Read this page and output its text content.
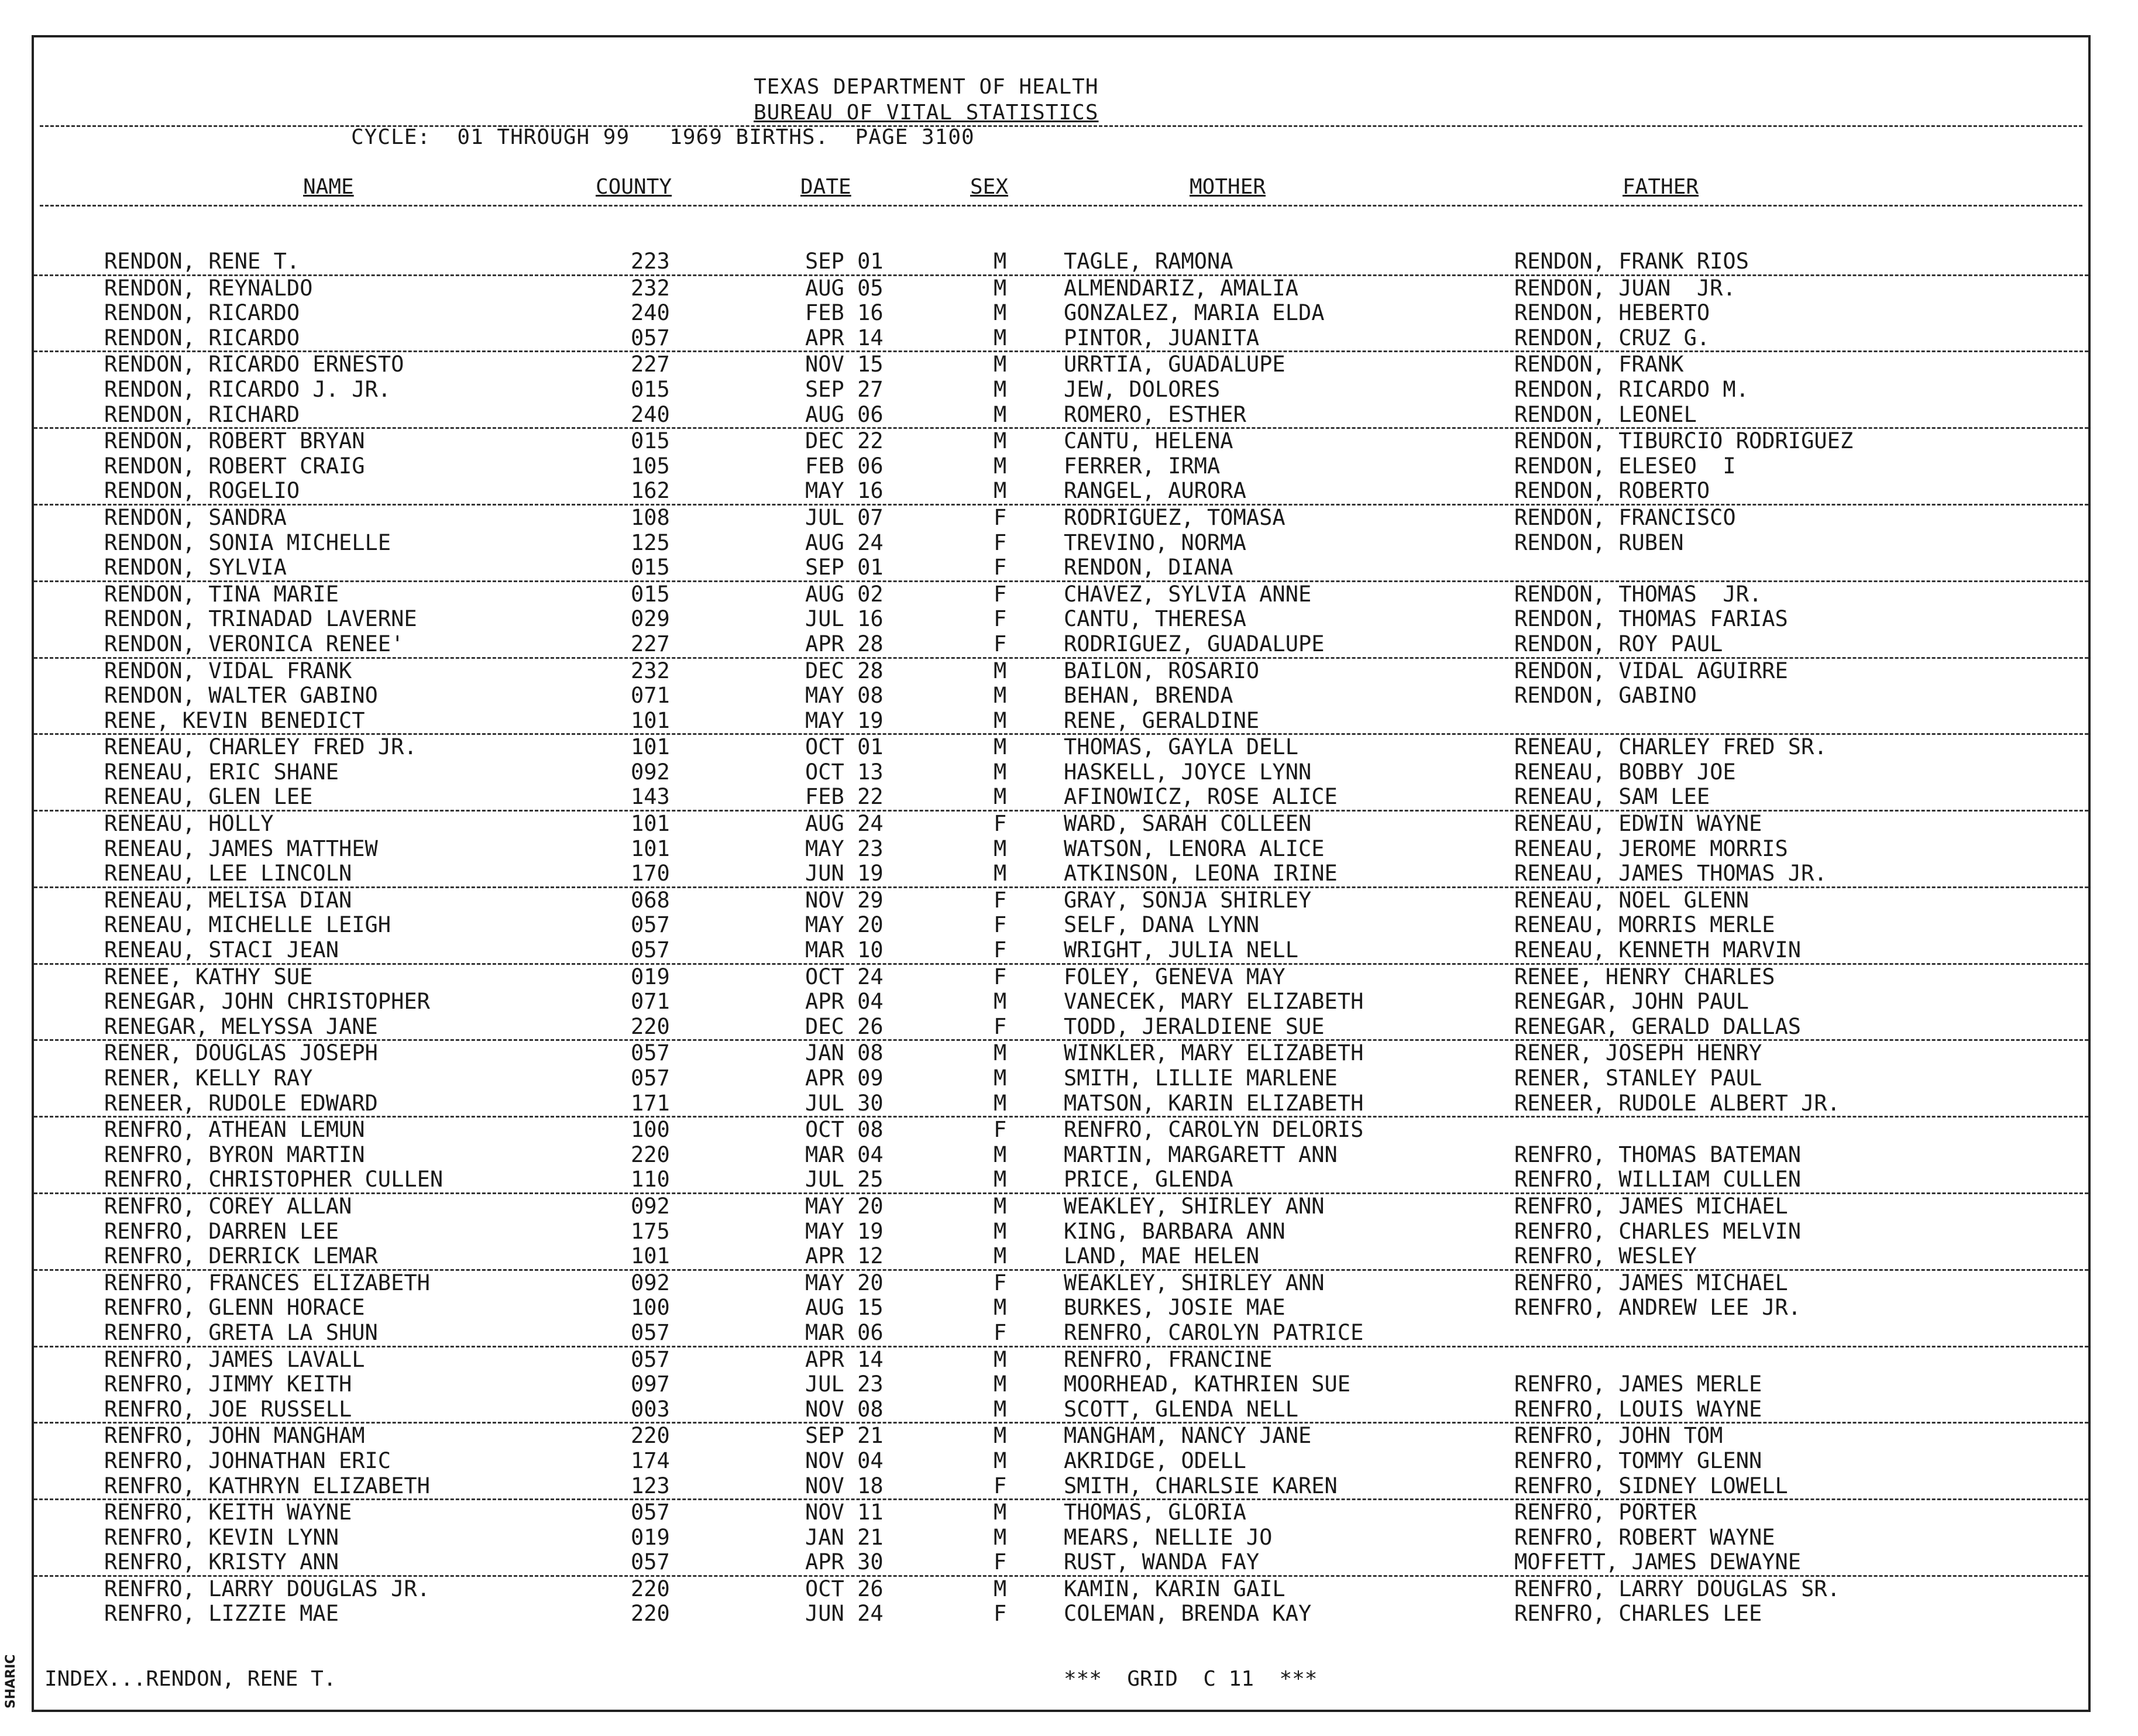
TEXAS DEPARTMENT OF HEALTH
BUREAU OF VITAL STATISTICS
CYCLE:  01 THROUGH 99   1969 BIRTHS.  PAGE 3100
NAME	COUNTY	DATE	SEX	MOTHER	FATHER
RENDON, RENE T.	223	SEP 01	M	TAGLE, RAMONA	RENDON, FRANK RIOS
RENDON, REYNALDO	232	AUG 05	M	ALMENDARIZ, AMALIA	RENDON, JUAN  JR.
RENDON, RICARDO	240	FEB 16	M	GONZALEZ, MARIA ELDA	RENDON, HEBERTO
RENDON, RICARDO	057	APR 14	M	PINTOR, JUANITA	RENDON, CRUZ G.
RENDON, RICARDO ERNESTO	227	NOV 15	M	URRTIA, GUADALUPE	RENDON, FRANK
RENDON, RICARDO J. JR.	015	SEP 27	M	JEW, DOLORES	RENDON, RICARDO M.
RENDON, RICHARD	240	AUG 06	M	ROMERO, ESTHER	RENDON, LEONEL
RENDON, ROBERT BRYAN	015	DEC 22	M	CANTU, HELENA	RENDON, TIBURCIO RODRIGUEZ
RENDON, ROBERT CRAIG	105	FEB 06	M	FERRER, IRMA	RENDON, ELESEO  I
RENDON, ROGELIO	162	MAY 16	M	RANGEL, AURORA	RENDON, ROBERTO
RENDON, SANDRA	108	JUL 07	F	RODRIGUEZ, TOMASA	RENDON, FRANCISCO
RENDON, SONIA MICHELLE	125	AUG 24	F	TREVINO, NORMA	RENDON, RUBEN
RENDON, SYLVIA	015	SEP 01	F	RENDON, DIANA
RENDON, TINA MARIE	015	AUG 02	F	CHAVEZ, SYLVIA ANNE	RENDON, THOMAS  JR.
RENDON, TRINADAD LAVERNE	029	JUL 16	F	CANTU, THERESA	RENDON, THOMAS FARIAS
RENDON, VERONICA RENEE'	227	APR 28	F	RODRIGUEZ, GUADALUPE	RENDON, ROY PAUL
RENDON, VIDAL FRANK	232	DEC 28	M	BAILON, ROSARIO	RENDON, VIDAL AGUIRRE
RENDON, WALTER GABINO	071	MAY 08	M	BEHAN, BRENDA	RENDON, GABINO
RENE, KEVIN BENEDICT	101	MAY 19	M	RENE, GERALDINE
RENEAU, CHARLEY FRED JR.	101	OCT 01	M	THOMAS, GAYLA DELL	RENEAU, CHARLEY FRED SR.
RENEAU, ERIC SHANE	092	OCT 13	M	HASKELL, JOYCE LYNN	RENEAU, BOBBY JOE
RENEAU, GLEN LEE	143	FEB 22	M	AFINOWICZ, ROSE ALICE	RENEAU, SAM LEE
RENEAU, HOLLY	101	AUG 24	F	WARD, SARAH COLLEEN	RENEAU, EDWIN WAYNE
RENEAU, JAMES MATTHEW	101	MAY 23	M	WATSON, LENORA ALICE	RENEAU, JEROME MORRIS
RENEAU, LEE LINCOLN	170	JUN 19	M	ATKINSON, LEONA IRINE	RENEAU, JAMES THOMAS JR.
RENEAU, MELISA DIAN	068	NOV 29	F	GRAY, SONJA SHIRLEY	RENEAU, NOEL GLENN
RENEAU, MICHELLE LEIGH	057	MAY 20	F	SELF, DANA LYNN	RENEAU, MORRIS MERLE
RENEAU, STACI JEAN	057	MAR 10	F	WRIGHT, JULIA NELL	RENEAU, KENNETH MARVIN
RENEE, KATHY SUE	019	OCT 24	F	FOLEY, GENEVA MAY	RENEE, HENRY CHARLES
RENEGAR, JOHN CHRISTOPHER	071	APR 04	M	VANECEK, MARY ELIZABETH	RENEGAR, JOHN PAUL
RENEGAR, MELYSSA JANE	220	DEC 26	F	TODD, JERALDIENE SUE	RENEGAR, GERALD DALLAS
RENER, DOUGLAS JOSEPH	057	JAN 08	M	WINKLER, MARY ELIZABETH	RENER, JOSEPH HENRY
RENER, KELLY RAY	057	APR 09	M	SMITH, LILLIE MARLENE	RENER, STANLEY PAUL
RENEER, RUDOLE EDWARD	171	JUL 30	M	MATSON, KARIN ELIZABETH	RENEER, RUDOLE ALBERT JR.
RENFRO, ATHEAN LEMUN	100	OCT 08	F	RENFRO, CAROLYN DELORIS
RENFRO, BYRON MARTIN	220	MAR 04	M	MARTIN, MARGARETT ANN	RENFRO, THOMAS BATEMAN
RENFRO, CHRISTOPHER CULLEN	110	JUL 25	M	PRICE, GLENDA	RENFRO, WILLIAM CULLEN
RENFRO, COREY ALLAN	092	MAY 20	M	WEAKLEY, SHIRLEY ANN	RENFRO, JAMES MICHAEL
RENFRO, DARREN LEE	175	MAY 19	M	KING, BARBARA ANN	RENFRO, CHARLES MELVIN
RENFRO, DERRICK LEMAR	101	APR 12	M	LAND, MAE HELEN	RENFRO, WESLEY
RENFRO, FRANCES ELIZABETH	092	MAY 20	F	WEAKLEY, SHIRLEY ANN	RENFRO, JAMES MICHAEL
RENFRO, GLENN HORACE	100	AUG 15	M	BURKES, JOSIE MAE	RENFRO, ANDREW LEE JR.
RENFRO, GRETA LA SHUN	057	MAR 06	F	RENFRO, CAROLYN PATRICE
RENFRO, JAMES LAVALL	057	APR 14	M	RENFRO, FRANCINE
RENFRO, JIMMY KEITH	097	JUL 23	M	MOORHEAD, KATHRIEN SUE	RENFRO, JAMES MERLE
RENFRO, JOE RUSSELL	003	NOV 08	M	SCOTT, GLENDA NELL	RENFRO, LOUIS WAYNE
RENFRO, JOHN MANGHAM	220	SEP 21	M	MANGHAM, NANCY JANE	RENFRO, JOHN TOM
RENFRO, JOHNATHAN ERIC	174	NOV 04	M	AKRIDGE, ODELL	RENFRO, TOMMY GLENN
RENFRO, KATHRYN ELIZABETH	123	NOV 18	F	SMITH, CHARLSIE KAREN	RENFRO, SIDNEY LOWELL
RENFRO, KEITH WAYNE	057	NOV 11	M	THOMAS, GLORIA	RENFRO, PORTER
RENFRO, KEVIN LYNN	019	JAN 21	M	MEARS, NELLIE JO	RENFRO, ROBERT WAYNE
RENFRO, KRISTY ANN	057	APR 30	F	RUST, WANDA FAY	MOFFETT, JAMES DEWAYNE
RENFRO, LARRY DOUGLAS JR.	220	OCT 26	M	KAMIN, KARIN GAIL	RENFRO, LARRY DOUGLAS SR.
RENFRO, LIZZIE MAE	220	JUN 24	F	COLEMAN, BRENDA KAY	RENFRO, CHARLES LEE
INDEX...RENDON, RENE T.	***  GRID  C 11  ***
SHARIC
